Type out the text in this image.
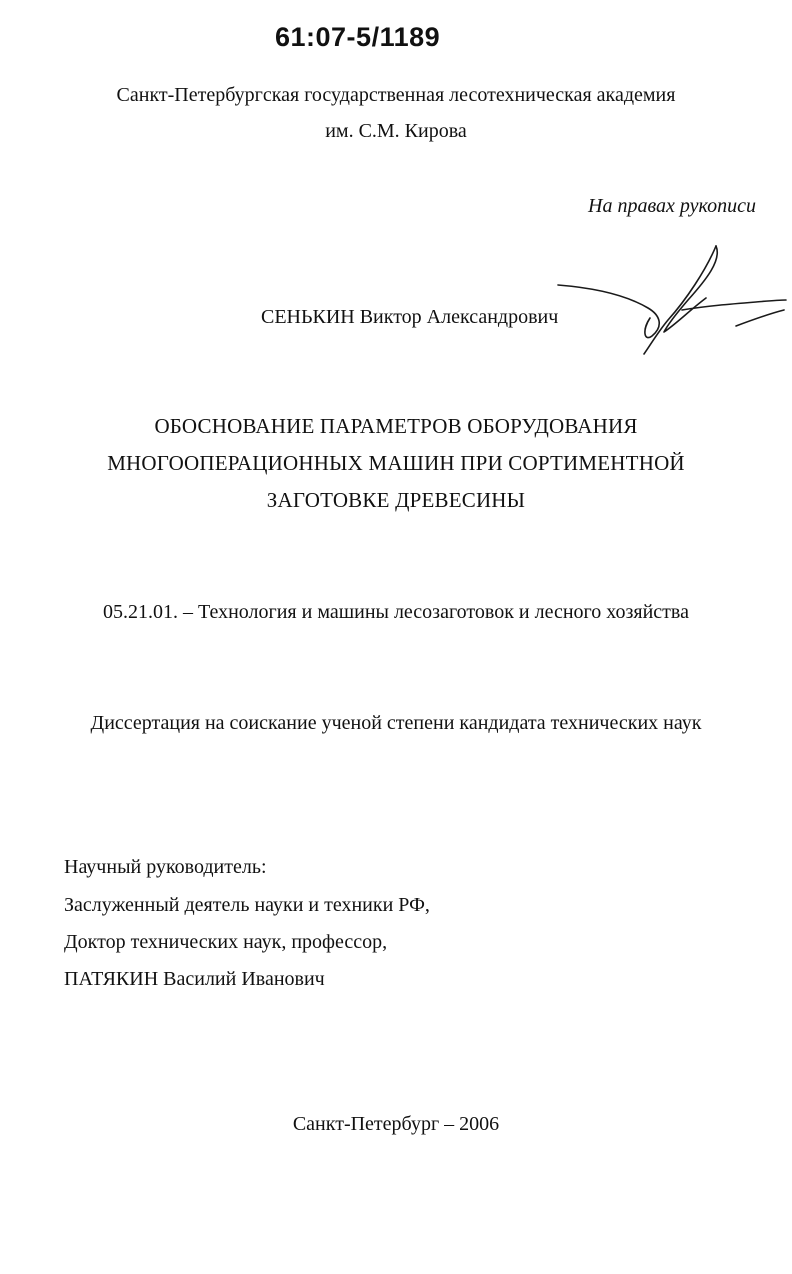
61:07-5/1189
Санкт-Петербургская государственная лесотехническая академия
им. С.М. Кирова
На правах рукописи
СЕНЬКИН Виктор Александрович
ОБОСНОВАНИЕ ПАРАМЕТРОВ ОБОРУДОВАНИЯ
МНОГООПЕРАЦИОННЫХ МАШИН ПРИ СОРТИМЕНТНОЙ
ЗАГОТОВКЕ ДРЕВЕСИНЫ
05.21.01. – Технология и машины лесозаготовок и лесного хозяйства
Диссертация на соискание ученой степени кандидата технических наук
Научный руководитель:
Заслуженный деятель науки и техники РФ,
Доктор технических наук, профессор,
ПАТЯКИН Василий Иванович
Санкт-Петербург – 2006
